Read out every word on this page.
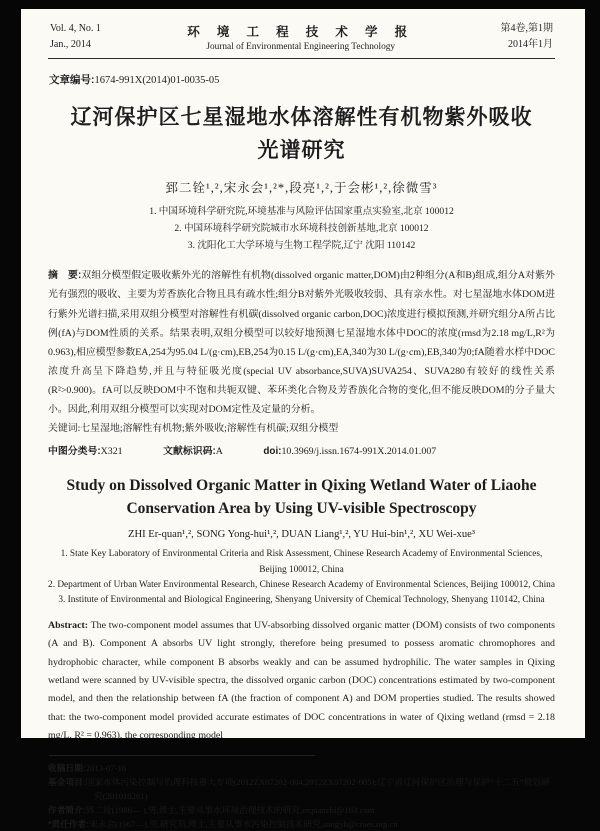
Vol. 4, No. 1
Jan., 2014
环 境 工 程 技 术 学 报
Journal of Environmental Engineering Technology
第4卷,第1期
2014年1月
文章编号:1674-991X(2014)01-0035-05
辽河保护区七星湿地水体溶解性有机物紫外吸收光谱研究
郅二铨¹,²,宋永会¹,²*,段亮¹,²,于会彬¹,²,徐微雪³
1. 中国环境科学研究院,环境基准与风险评估国家重点实验室,北京 100012
2. 中国环境科学研究院城市水环境科技创新基地,北京 100012
3. 沈阳化工大学环境与生物工程学院,辽宁 沈阳 110142
摘　要:双组分模型假定吸收紫外光的溶解性有机物(dissolved organic matter,DOM)由2种组分(A和B)组成,组分A对紫外光有强烈的吸收、主要为芳香族化合物且具有疏水性;组分B对紫外光吸收较弱、具有亲水性。对七星湿地水体DOM进行紫外光谱扫描,采用双组分模型对溶解性有机碳(dissolved organic carbon,DOC)浓度进行模拟预测,并研究组分A所占比例(fA)与DOM性质的关系。结果表明,双组分模型可以较好地预测七星湿地水体中DOC的浓度(rmsd为2.18 mg/L,R²为0.963),相应模型参数EA,254为95.04 L/(g·cm),EB,254为0.15 L/(g·cm),EA,340为30 L/(g·cm),EB,340为0;fA随着水样中DOC浓度升高呈下降趋势,并且与特征吸光度(special UV absorbance,SUVA)SUVA254、SUVA280有较好的线性关系(R²>0.900)。fA可以反映DOM中不饱和共轭双键、苯环类化合物及芳香族化合物的变化,但不能反映DOM的分子量大小。因此,利用双组分模型可以实现对DOM定性及定量的分析。
关键词:七星湿地;溶解性有机物;紫外吸收;溶解性有机碳;双组分模型
中图分类号:X321	文献标识码:A	doi:10.3969/j.issn.1674-991X.2014.01.007
Study on Dissolved Organic Matter in Qixing Wetland Water of Liaohe Conservation Area by Using UV-visible Spectroscopy
ZHI Er-quan¹,², SONG Yong-hui¹,², DUAN Liang¹,², YU Hui-bin¹,², XU Wei-xue³
1. State Key Laboratory of Environmental Criteria and Risk Assessment, Chinese Research Academy of Environmental Sciences, Beijing 100012, China
2. Department of Urban Water Environmental Research, Chinese Research Academy of Environmental Sciences, Beijing 100012, China
3. Institute of Environmental and Biological Engineering, Shenyang University of Chemical Technology, Shenyang 110142, China
Abstract: The two-component model assumes that UV-absorbing dissolved organic matter (DOM) consists of two components (A and B). Component A absorbs UV light strongly, therefore being presumed to possess aromatic chromophores and hydrophobic character, while component B absorbs weakly and can be assumed hydrophilic. The water samples in Qixing wetland were scanned by UV-visible spectra, the dissolved organic carbon (DOC) concentrations estimated by two-component model, and then the relationship between fA (the fraction of component A) and DOM properties studied. The results showed that: the two-component model provided accurate estimates of DOC concentrations in water of Qixing wetland (rmsd = 2.18 mg/L, R² = 0.963), the corresponding model
收稿日期:2013-07-16
基金项目:国家水体污染控制与治理科技重大专项(2012ZX07202-004,2012ZX07202-005);辽宁省辽河保护区治理与保护“十二五”规划研究(201010261)
作者简介:郅二铨(1986— ),男,博士,主要从事水环境治理技术的研究,erquanzhi@163.com
*责任作者:宋永会(1967—),男,研究员,博士,主要从事水污染控制技术研究,songyh@craes.org.cn
